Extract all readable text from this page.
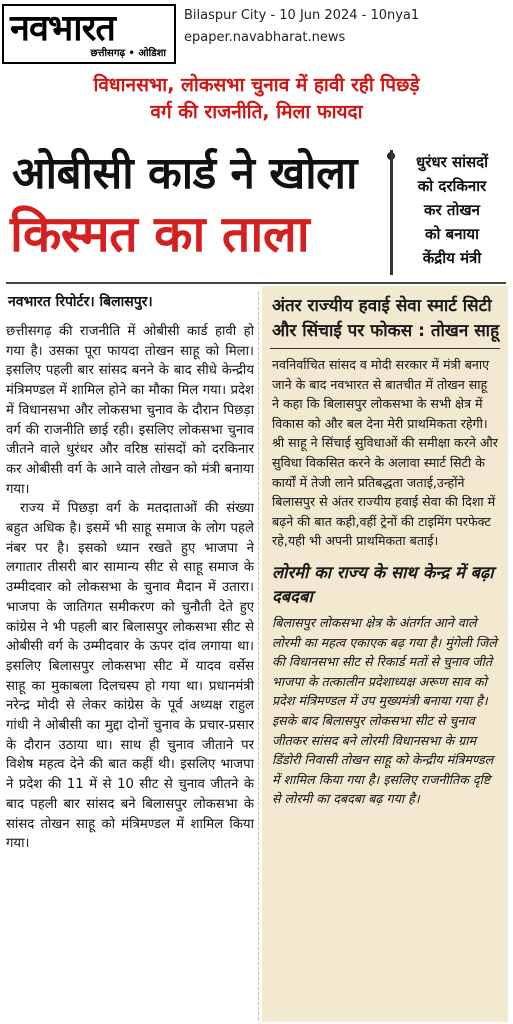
नवभारत
छत्तीसगढ़ • ओडिशा
Bilaspur City - 10 Jun 2024 - 10nya1
epaper.navabharat.news
विधानसभा, लोकसभा चुनाव में हावी रही पिछड़े
वर्ग की राजनीति, मिला फायदा
ओबीसी कार्ड ने खोला
किस्मत का ताला
धुरंधर सांसदों
को दरकिनार
कर तोखन
को बनाया
केंद्रीय मंत्री
नवभारत रिपोर्टर। बिलासपुर।

छत्तीसगढ़ की राजनीति में ओबीसी कार्ड हावी हो गया है। उसका पूरा फायदा तोखन साहू को मिला। इसलिए पहली बार सांसद बनने के बाद सीधे केन्द्रीय मंत्रिमण्डल में शामिल होने का मौका मिल गया। प्रदेश में विधानसभा और लोकसभा चुनाव के दौरान पिछड़ा वर्ग की राजनीति छाई रही। इसलिए लोकसभा चुनाव जीतने वाले धुरंधर और वरिष्ठ सांसदों को दरकिनार कर ओबीसी वर्ग के आने वाले तोखन को मंत्री बनाया गया।

राज्य में पिछड़ा वर्ग के मतदाताओं की संख्या बहुत अधिक है। इसमें भी साहू समाज के लोग पहले नंबर पर है। इसको ध्यान रखते हुए भाजपा ने लगातार तीसरी बार सामान्य सीट से साहू समाज के उम्मीदवार को लोकसभा के चुनाव मैदान में उतारा। भाजपा के जातिगत समीकरण को चुनौती देते हुए कांग्रेस ने भी पहली बार बिलासपुर लोकसभा सीट से ओबीसी वर्ग के उम्मीदवार के ऊपर दांव लगाया था। इसलिए बिलासपुर लोकसभा सीट में यादव वर्सेस साहू का मुकाबला दिलचस्प हो गया था। प्रधानमंत्री नरेन्द्र मोदी से लेकर कांग्रेस के पूर्व अध्यक्ष राहुल गांधी ने ओबीसी का मुद्दा दोनों चुनाव के प्रचार-प्रसार के दौरान उठाया था। साथ ही चुनाव जीताने पर विशेष महत्व देने की बात कहीं थी। इसलिए भाजपा ने प्रदेश की 11 में से 10 सीट से चुनाव जीतने के बाद पहली बार सांसद बने बिलासपुर लोकसभा के सांसद तोखन साहू को मंत्रिमण्डल में शामिल किया गया।

अंतर राज्यीय हवाई सेवा स्मार्ट सिटी और सिंचाई पर फोकस : तोखन साहू

नवनिर्वाचित सांसद व मोदी सरकार में मंत्री बनाए जाने के बाद नवभारत से बातचीत में तोखन साहू ने कहा कि बिलासपुर लोकसभा के सभी क्षेत्र में विकास को और बल देना मेरी प्राथमिकता रहेगी। श्री साहू ने सिंचाई सुविधाओं की समीक्षा करने और सुविधा विकसित करने के अलावा स्मार्ट सिटी के कार्यों में तेजी लाने प्रतिबद्धता जताई,उन्होंने बिलासपुर से अंतर राज्यीय हवाई सेवा की दिशा में बढ़ने की बात कही,वहीं ट्रेनों की टाइमिंग परफेक्ट रहे,यही भी अपनी प्राथमिकता बताई।

लोरमी का राज्य के साथ केन्द्र में बढ़ा दबदबा

बिलासपुर लोकसभा क्षेत्र के अंतर्गत आने वाले लोरमी का महत्व एकाएक बढ़ गया है। मुंगेली जिले की विधानसभा सीट से रिकार्ड मतों से चुनाव जीते भाजपा के तत्कालीन प्रदेशाध्यक्ष अरूण साव को प्रदेश मंत्रिमण्डल में उप मुख्यमंत्री बनाया गया है। इसके बाद बिलासपुर लोकसभा सीट से चुनाव जीतकर सांसद बने लोरमी विधानसभा के ग्राम डिंडोरी निवासी तोखन साहू को केन्द्रीय मंत्रिमण्डल में शामिल किया गया है। इसलिए राजनीतिक दृष्टि से लोरमी का दबदबा बढ़ गया है।
